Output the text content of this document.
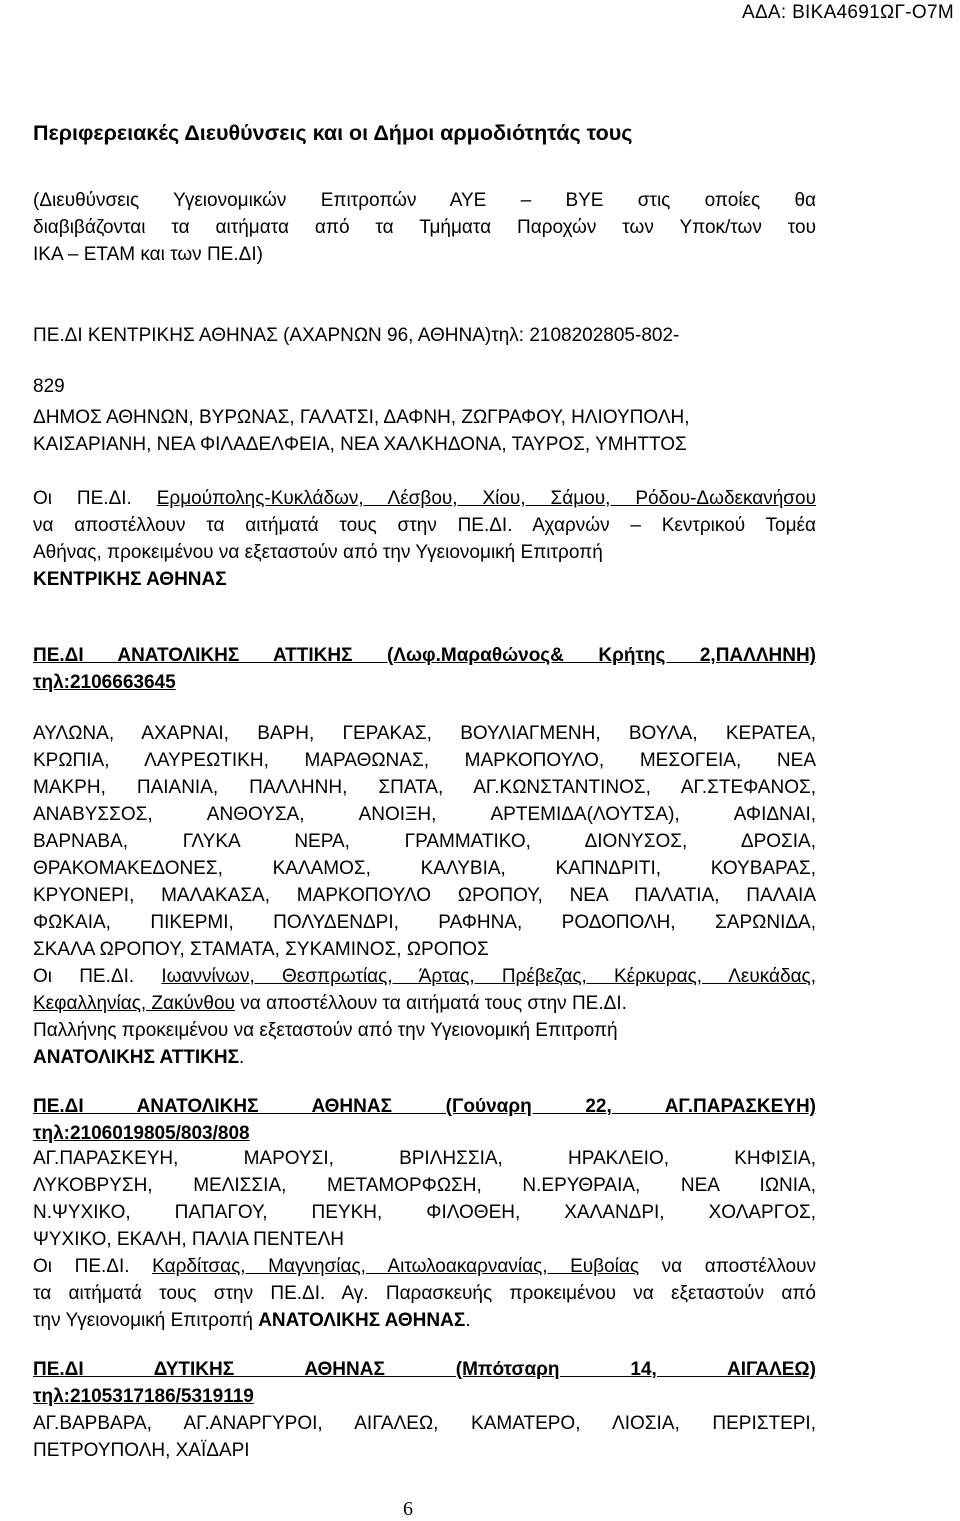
ΑΔΑ: ΒΙΚΑ4691ΩΓ-Ο7Μ
Περιφερειακές Διευθύνσεις και οι Δήμοι αρμοδιότητάς τους
(Διευθύνσεις Υγειονομικών Επιτροπών ΑΥΕ – ΒΥΕ στις οποίες θα
διαβιβάζονται τα αιτήματα από τα Τμήματα Παροχών των Υποκ/των του
ΙΚΑ – ΕΤΑΜ και των ΠΕ.ΔΙ)
ΠΕ.ΔΙ ΚΕΝΤΡΙΚΗΣ ΑΘΗΝΑΣ (ΑΧΑΡΝΩΝ 96, ΑΘΗΝΑ)τηλ: 2108202805-802-
829
ΔΗΜΟΣ ΑΘΗΝΩΝ, ΒΥΡΩΝΑΣ, ΓΑΛΑΤΣΙ, ΔΑΦΝΗ, ΖΩΓΡΑΦΟΥ, ΗΛΙΟΥΠΟΛΗ,
ΚΑΙΣΑΡΙΑΝΗ, ΝΕΑ ΦΙΛΑΔΕΛΦΕΙΑ, ΝΕΑ ΧΑΛΚΗΔΟΝΑ, ΤΑΥΡΟΣ, ΥΜΗΤΤΟΣ
Οι ΠΕ.ΔΙ. Ερμούπολης-Κυκλάδων, Λέσβου, Χίου, Σάμου, Ρόδου-Δωδεκανήσου
να αποστέλλουν τα αιτήματά τους στην ΠΕ.ΔΙ. Αχαρνών – Κεντρικού Τομέα
Αθήνας, προκειμένου να εξεταστούν από την Υγειονομική Επιτροπή
ΚΕΝΤΡΙΚΗΣ ΑΘΗΝΑΣ
ΠΕ.ΔΙ ΑΝΑΤΟΛΙΚΗΣ ΑΤΤΙΚΗΣ (Λωφ.Μαραθώνος& Κρήτης 2,ΠΑΛΛΗΝΗ)
τηλ:2106663645
ΑΥΛΩΝΑ, ΑΧΑΡΝΑΙ, ΒΑΡΗ, ΓΕΡΑΚΑΣ, ΒΟΥΛΙΑΓΜΕΝΗ, ΒΟΥΛΑ, ΚΕΡΑΤΕΑ,
ΚΡΩΠΙΑ, ΛΑΥΡΕΩΤΙΚΗ, ΜΑΡΑΘΩΝΑΣ, ΜΑΡΚΟΠΟΥΛΟ, ΜΕΣΟΓΕΙΑ, ΝΕΑ
ΜΑΚΡΗ, ΠΑΙΑΝΙΑ, ΠΑΛΛΗΝΗ, ΣΠΑΤΑ, ΑΓ.ΚΩΝΣΤΑΝΤΙΝΟΣ, ΑΓ.ΣΤΕΦΑΝΟΣ,
ΑΝΑΒΥΣΣΟΣ, ΑΝΘΟΥΣΑ, ΑΝΟΙΞΗ, ΑΡΤΕΜΙΔΑ(ΛΟΥΤΣΑ), ΑΦΙΔΝΑΙ,
ΒΑΡΝΑΒΑ, ΓΛΥΚΑ ΝΕΡΑ, ΓΡΑΜΜΑΤΙΚΟ, ΔΙΟΝΥΣΟΣ, ΔΡΟΣΙΑ,
ΘΡΑΚΟΜΑΚΕΔΟΝΕΣ, ΚΑΛΑΜΟΣ, ΚΑΛΥΒΙΑ, ΚΑΠΝΔΡΙΤΙ, ΚΟΥΒΑΡΑΣ,
ΚΡΥΟΝΕΡΙ, ΜΑΛΑΚΑΣΑ, ΜΑΡΚΟΠΟΥΛΟ ΩΡΟΠΟΥ, ΝΕΑ ΠΑΛΑΤΙΑ, ΠΑΛΑΙΑ
ΦΩΚΑΙΑ, ΠΙΚΕΡΜΙ, ΠΟΛΥΔΕΝΔΡΙ, ΡΑΦΗΝΑ, ΡΟΔΟΠΟΛΗ, ΣΑΡΩΝΙΔΑ,
ΣΚΑΛΑ ΩΡΟΠΟΥ, ΣΤΑΜΑΤΑ, ΣΥΚΑΜΙΝΟΣ, ΩΡΟΠΟΣ
Οι ΠΕ.ΔΙ. Ιωαννίνων, Θεσπρωτίας, Άρτας, Πρέβεζας, Κέρκυρας, Λευκάδας,
Κεφαλληνίας, Ζακύνθου να αποστέλλουν τα αιτήματά τους στην ΠΕ.ΔΙ.
Παλλήνης προκειμένου να εξεταστούν από την Υγειονομική Επιτροπή
ΑΝΑΤΟΛΙΚΗΣ ΑΤΤΙΚΗΣ.
ΠΕ.ΔΙ ΑΝΑΤΟΛΙΚΗΣ ΑΘΗΝΑΣ (Γούναρη 22, ΑΓ.ΠΑΡΑΣΚΕΥΗ)
τηλ:2106019805/803/808
ΑΓ.ΠΑΡΑΣΚΕΥΗ, ΜΑΡΟΥΣΙ, ΒΡΙΛΗΣΣΙΑ, ΗΡΑΚΛΕΙΟ, ΚΗΦΙΣΙΑ,
ΛΥΚΟΒΡΥΣΗ, ΜΕΛΙΣΣΙΑ, ΜΕΤΑΜΟΡΦΩΣΗ, Ν.ΕΡΥΘΡΑΙΑ, ΝΕΑ ΙΩΝΙΑ,
Ν.ΨΥΧΙΚΟ, ΠΑΠΑΓΟΥ, ΠΕΥΚΗ, ΦΙΛΟΘΕΗ, ΧΑΛΑΝΔΡΙ, ΧΟΛΑΡΓΟΣ,
ΨΥΧΙΚΟ, ΕΚΑΛΗ, ΠΑΛΙΑ ΠΕΝΤΕΛΗ
Οι ΠΕ.ΔΙ. Καρδίτσας, Μαγνησίας, Αιτωλοακαρνανίας, Ευβοίας να αποστέλλουν
τα αιτήματά τους στην ΠΕ.ΔΙ. Αγ. Παρασκευής προκειμένου να εξεταστούν από
την Υγειονομική Επιτροπή ΑΝΑΤΟΛΙΚΗΣ ΑΘΗΝΑΣ.
ΠΕ.ΔΙ ΔΥΤΙΚΗΣ ΑΘΗΝΑΣ (Μπότσαρη 14, ΑΙΓΑΛΕΩ)
τηλ:2105317186/5319119
ΑΓ.ΒΑΡΒΑΡΑ, ΑΓ.ΑΝΑΡΓΥΡΟΙ, ΑΙΓΑΛΕΩ, ΚΑΜΑΤΕΡΟ, ΛΙΟΣΙΑ, ΠΕΡΙΣΤΕΡΙ,
ΠΕΤΡΟΥΠΟΛΗ, ΧΑΪΔΑΡΙ
6
